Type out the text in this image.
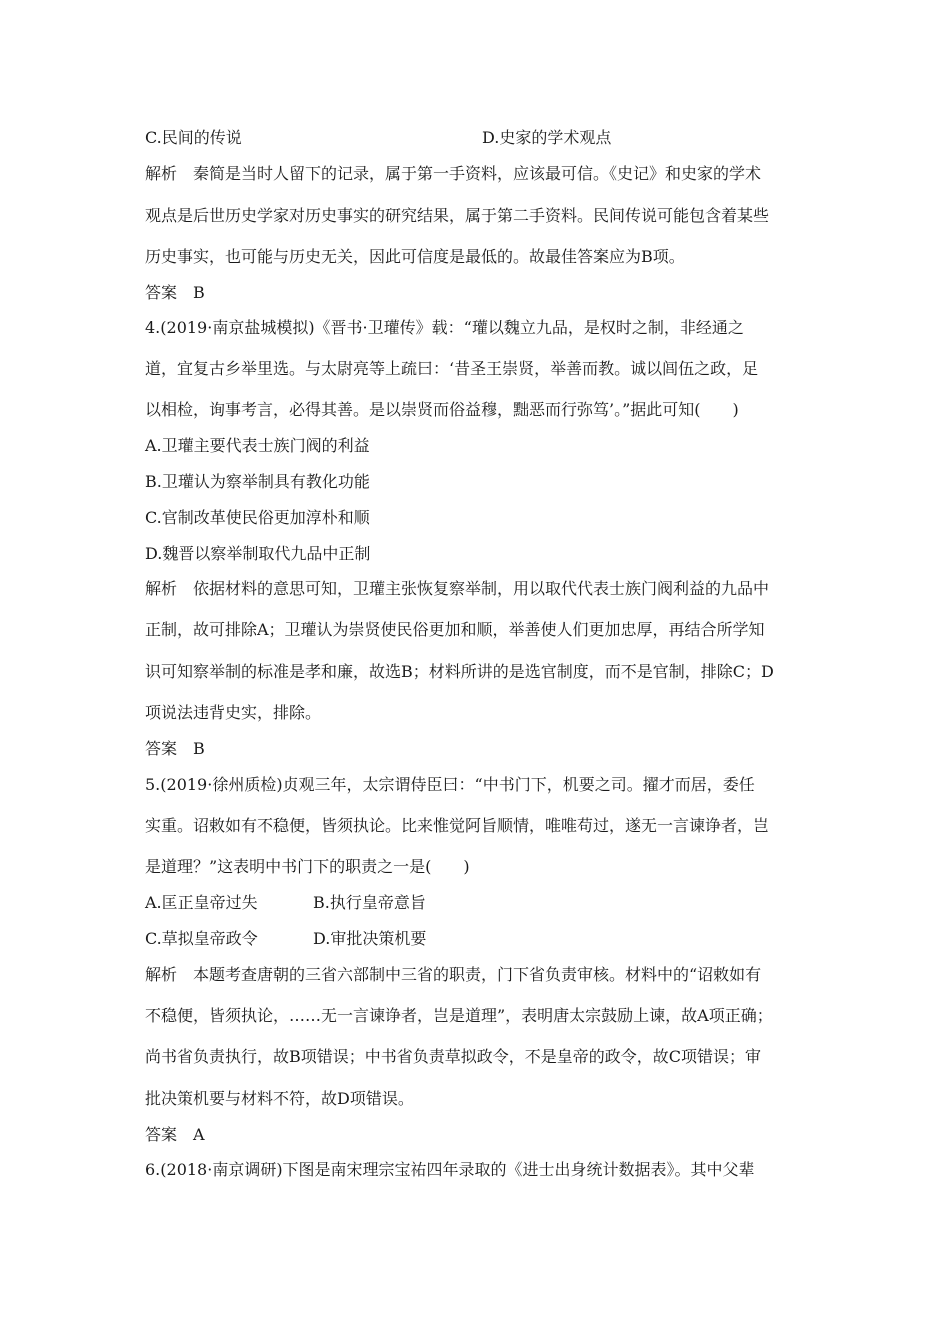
C.民间的传说	D.史家的学术观点
解析　秦简是当时人留下的记录，属于第一手资料，应该最可信。《史记》和史家的学术
观点是后世历史学家对历史事实的研究结果，属于第二手资料。民间传说可能包含着某些
历史事实，也可能与历史无关，因此可信度是最低的。故最佳答案应为B项。
答案　B
4.(2019·南京盐城模拟)《晋书·卫瓘传》载：“瓘以魏立九品，是权时之制，非经通之
道，宜复古乡举里选。与太尉亮等上疏曰：‘昔圣王崇贤，举善而教。诚以闾伍之政，足
以相检，询事考言，必得其善。是以崇贤而俗益穆，黜恶而行弥笃’。”据此可知(　　)
A.卫瓘主要代表士族门阀的利益
B.卫瓘认为察举制具有教化功能
C.官制改革使民俗更加淳朴和顺
D.魏晋以察举制取代九品中正制
解析　依据材料的意思可知，卫瓘主张恢复察举制，用以取代代表士族门阀利益的九品中
正制，故可排除A；卫瓘认为崇贤使民俗更加和顺，举善使人们更加忠厚，再结合所学知
识可知察举制的标准是孝和廉，故选B；材料所讲的是选官制度，而不是官制，排除C；D
项说法违背史实，排除。
答案　B
5.(2019·徐州质检)贞观三年，太宗谓侍臣曰：“中书门下，机要之司。擢才而居，委任
实重。诏敕如有不稳便，皆须执论。比来惟觉阿旨顺情，唯唯苟过，遂无一言谏诤者，岂
是道理？”这表明中书门下的职责之一是(　　)
A.匡正皇帝过失	B.执行皇帝意旨
C.草拟皇帝政令	D.审批决策机要
解析　本题考查唐朝的三省六部制中三省的职责，门下省负责审核。材料中的“诏敕如有
不稳便，皆须执论，……无一言谏诤者，岂是道理”，表明唐太宗鼓励上谏，故A项正确；
尚书省负责执行，故B项错误；中书省负责草拟政令，不是皇帝的政令，故C项错误；审
批决策机要与材料不符，故D项错误。
答案　A
6.(2018·南京调研)下图是南宋理宗宝祐四年录取的《进士出身统计数据表》。其中父辈
